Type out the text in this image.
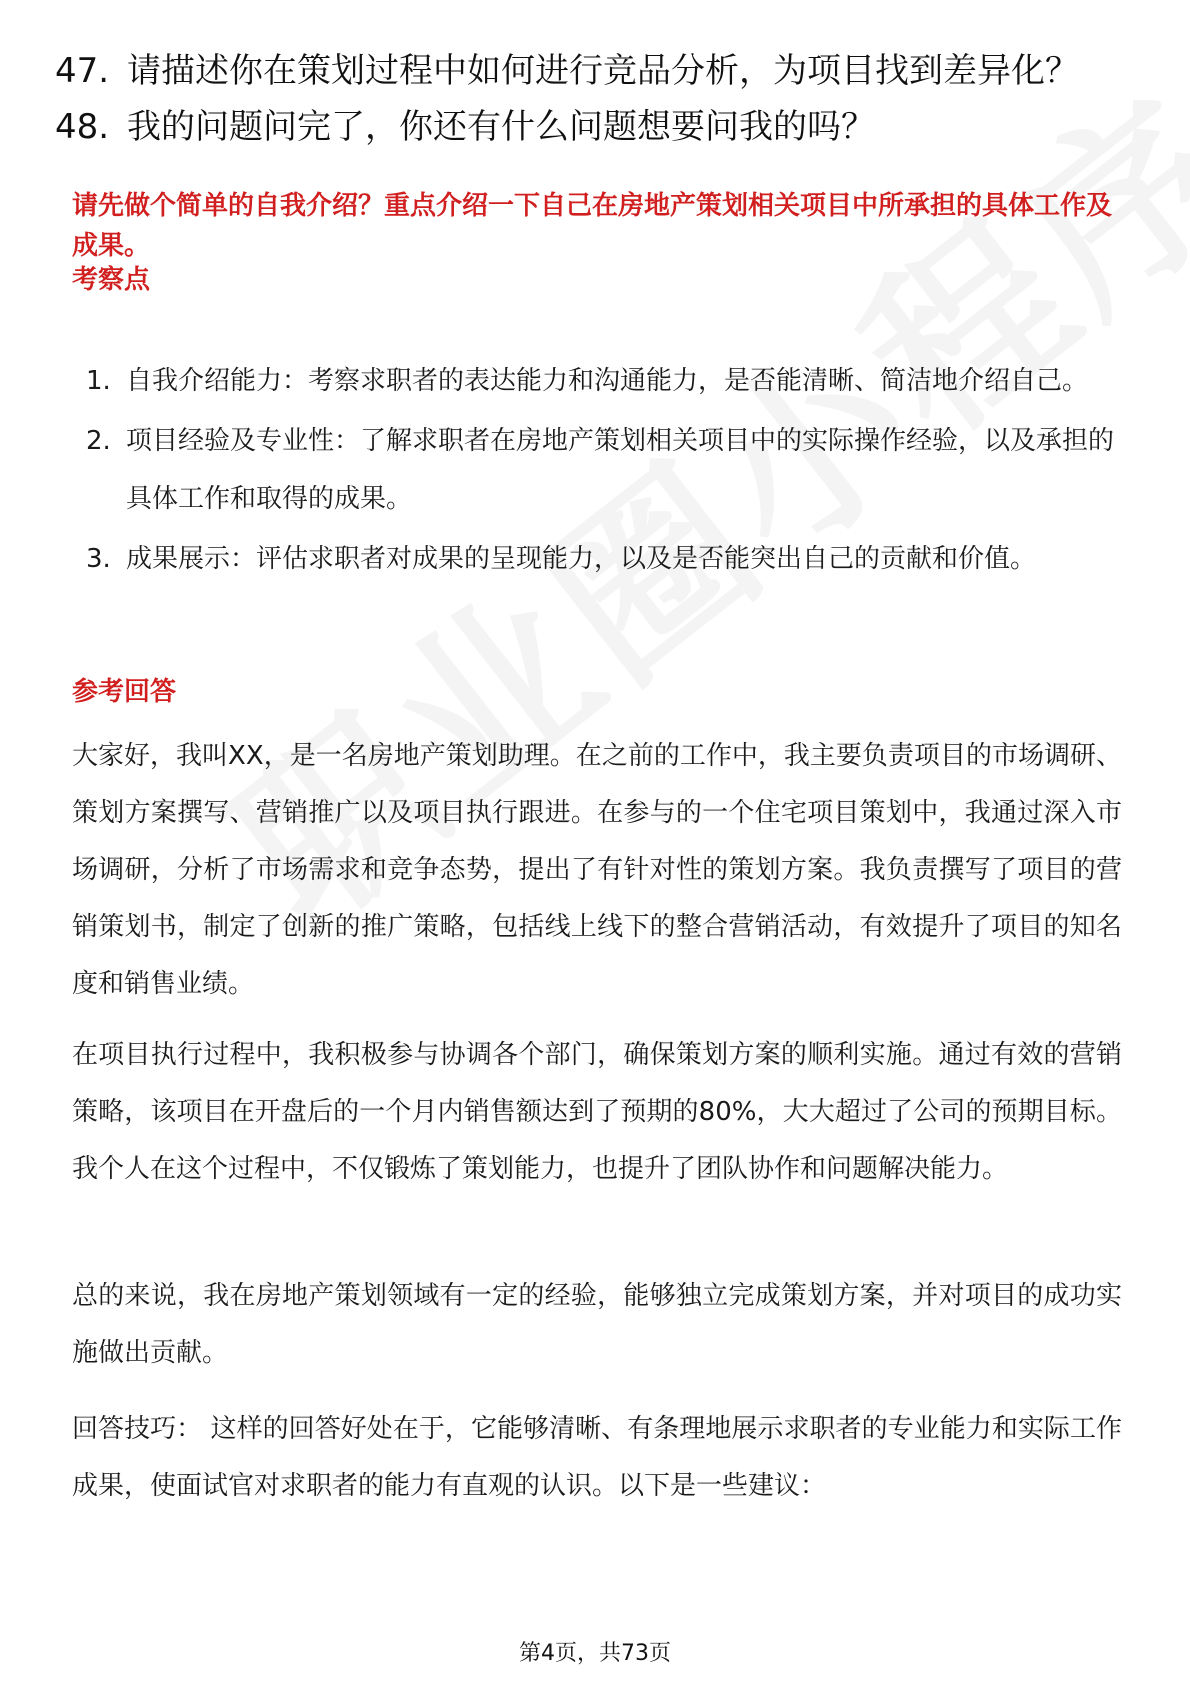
47. 请描述你在策划过程中如何进行竞品分析，为项目找到差异化？
48. 我的问题问完了，你还有什么问题想要问我的吗？
请先做个简单的自我介绍？重点介绍一下自己在房地产策划相关项目中所承担的具体工作及成果。
考察点
1. 自我介绍能力：考察求职者的表达能力和沟通能力，是否能清晰、简洁地介绍自己。
2. 项目经验及专业性：了解求职者在房地产策划相关项目中的实际操作经验，以及承担的具体工作和取得的成果。
3. 成果展示：评估求职者对成果的呈现能力，以及是否能突出自己的贡献和价值。
参考回答
大家好，我叫XX，是一名房地产策划助理。在之前的工作中，我主要负责项目的市场调研、策划方案撰写、营销推广以及项目执行跟进。在参与的一个住宅项目策划中，我通过深入市场调研，分析了市场需求和竞争态势，提出了有针对性的策划方案。我负责撰写了项目的营销策划书，制定了创新的推广策略，包括线上线下的整合营销活动，有效提升了项目的知名度和销售业绩。
在项目执行过程中，我积极参与协调各个部门，确保策划方案的顺利实施。通过有效的营销策略，该项目在开盘后的一个月内销售额达到了预期的80%，大大超过了公司的预期目标。我个人在这个过程中，不仅锻炼了策划能力，也提升了团队协作和问题解决能力。
总的来说，我在房地产策划领域有一定的经验，能够独立完成策划方案，并对项目的成功实施做出贡献。
回答技巧： 这样的回答好处在于，它能够清晰、有条理地展示求职者的专业能力和实际工作成果，使面试官对求职者的能力有直观的认识。以下是一些建议：
第4页，共73页
